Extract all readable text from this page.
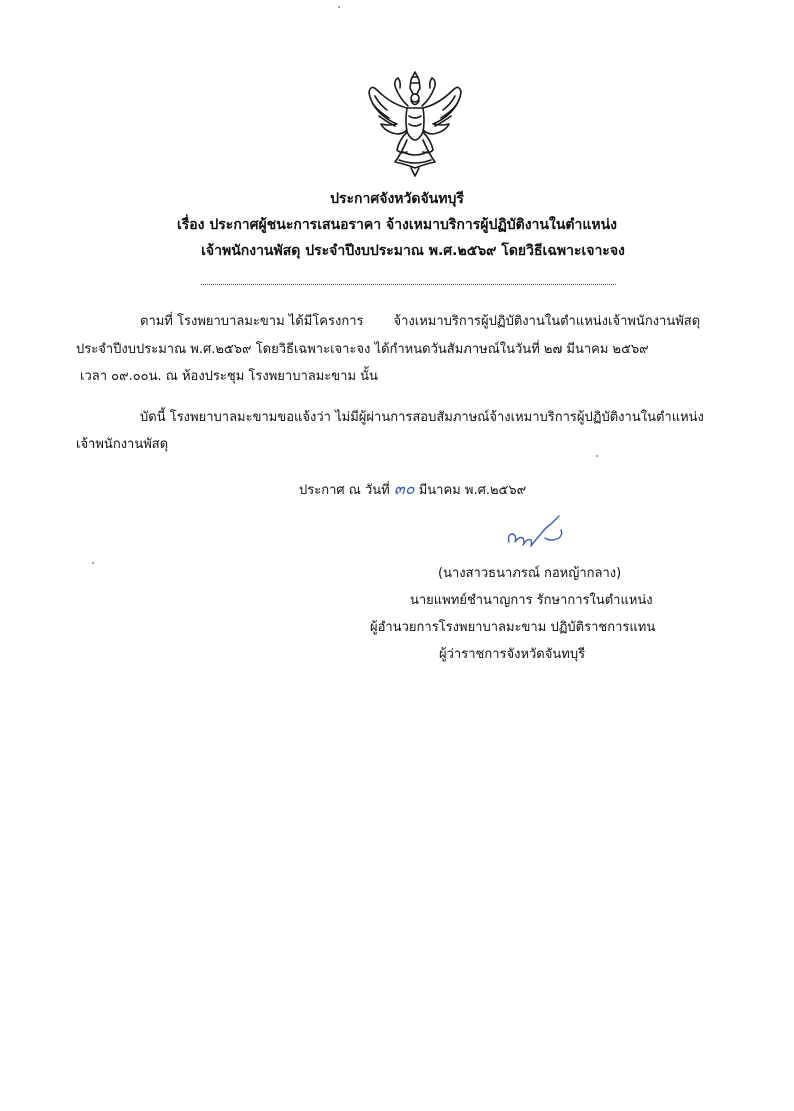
ประกาศจังหวัดจันทบุรี
เรื่อง ประกาศผู้ชนะการเสนอราคา จ้างเหมาบริการผู้ปฏิบัติงานในตำแหน่ง
เจ้าพนักงานพัสดุ ประจำปีงบประมาณ พ.ศ.๒๕๖๙ โดยวิธีเฉพาะเจาะจง
ตามที่ โรงพยาบาลมะขาม ได้มีโครงการ จ้างเหมาบริการผู้ปฏิบัติงานในตำแหน่งเจ้าพนักงานพัสดุ
ประจำปีงบประมาณ พ.ศ.๒๕๖๙ โดยวิธีเฉพาะเจาะจง ได้กำหนดวันสัมภาษณ์ในวันที่ ๒๗ มีนาคม ๒๕๖๙
เวลา ๐๙.๐๐น. ณ ห้องประชุม โรงพยาบาลมะขาม นั้น
บัดนี้ โรงพยาบาลมะขามขอแจ้งว่า ไม่มีผู้ผ่านการสอบสัมภาษณ์จ้างเหมาบริการผู้ปฏิบัติงานในตำแหน่ง
เจ้าพนักงานพัสดุ
ประกาศ ณ วันที่ ๓๐ มีนาคม พ.ศ.๒๕๖๙
(นางสาวธนาภรณ์ กอหญ้ากลาง)
นายแพทย์ชำนาญการ รักษาการในตำแหน่ง
ผู้อำนวยการโรงพยาบาลมะขาม ปฏิบัติราชการแทน
ผู้ว่าราชการจังหวัดจันทบุรี
